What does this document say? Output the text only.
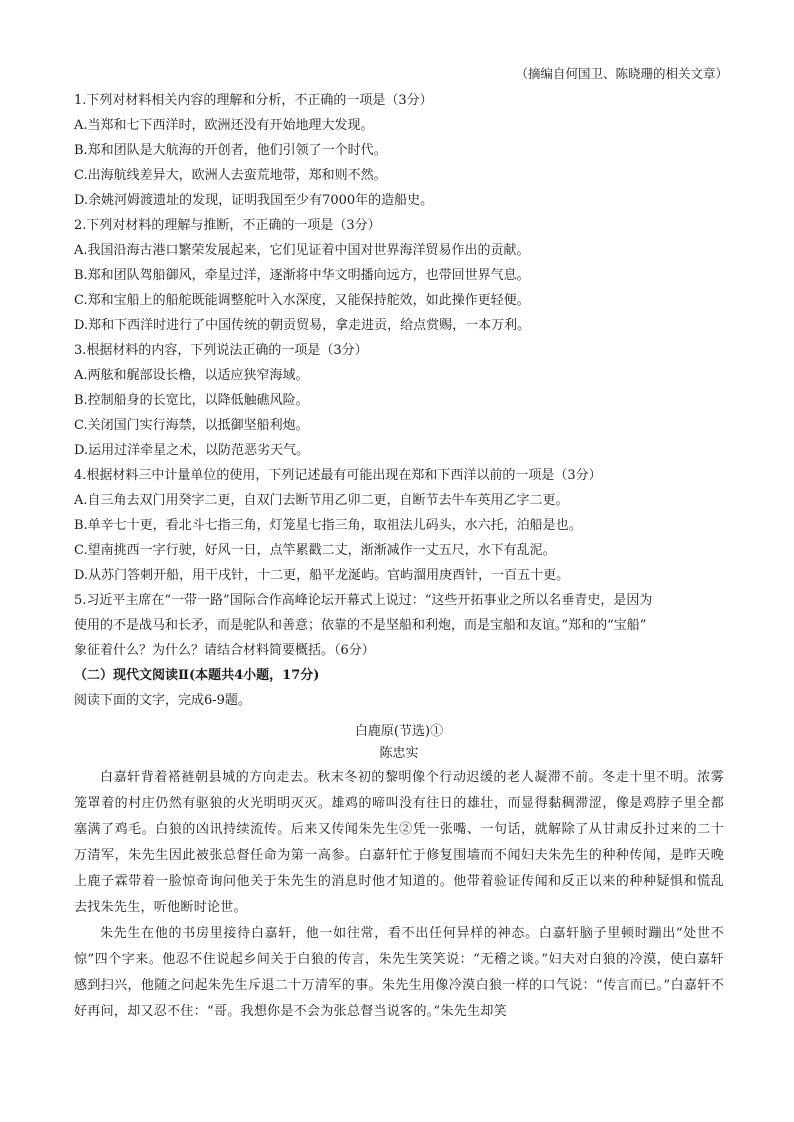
（摘编自何国卫、陈晓珊的相关文章）
1.下列对材料相关内容的理解和分析，不正确的一项是（3分）
A.当郑和七下西洋时，欧洲还没有开始地理大发现。
B.郑和团队是大航海的开创者，他们引领了一个时代。
C.出海航线差异大，欧洲人去蛮荒地带，郑和则不然。
D.余姚河姆渡遗址的发现，证明我国至少有7000年的造船史。
2.下列对材料的理解与推断，不正确的一项是（3分）
A.我国沿海古港口繁荣发展起来，它们见证着中国对世界海洋贸易作出的贡献。
B.郑和团队驾船御风，牵星过洋，逐渐将中华文明播向远方，也带回世界气息。
C.郑和宝船上的船舵既能调整舵叶入水深度，又能保持舵效，如此操作更轻便。
D.郑和下西洋时进行了中国传统的朝贡贸易，拿走进贡，给点赏赐，一本万利。
3.根据材料的内容，下列说法正确的一项是（3分）
A.两舷和艉部设长橹，以适应狭窄海域。
B.控制船身的长宽比，以降低触礁风险。
C.关闭国门实行海禁，以抵御坚船利炮。
D.运用过洋牵星之术，以防范恶劣天气。
4.根据材料三中计量单位的使用，下列记述最有可能出现在郑和下西洋以前的一项是（3分）
A.自三角去双门用癸字二更，自双门去断节用乙卯二更，自断节去牛车英用乙字二更。
B.单辛七十更，看北斗七指三角，灯笼星七指三角，取祖法儿码头，水六托，泊船是也。
C.望南挑西一字行驶，好风一日，点竿累戳二丈，渐渐减作一丈五尺，水下有乱泥。
D.从苏门答刺开船，用干戌针，十二更，船平龙涎屿。官屿溜用庚酉针，一百五十更。
5.习近平主席在“一带一路”国际合作高峰论坛开幕式上说过：“这些开拓事业之所以名垂青史，是因为
使用的不是战马和长矛，而是驼队和善意；依靠的不是坚船和利炮，而是宝船和友谊。”郑和的“宝船”
象征着什么？为什么？请结合材料简要概括。（6分）
（二）现代文阅读Ⅱ(本题共4小题，17分)
阅读下面的文字，完成6-9题。
白鹿原(节选)①
陈忠实

白嘉轩背着褡裢朝县城的方向走去。秋末冬初的黎明像个行动迟缓的老人凝滞不前。冬走十里不明。浓雾笼罩着的村庄仍然有驱狼的火光明明灭灭。雄鸡的啼叫没有往日的雄壮，而显得黏稠滞涩，像是鸡脖子里全都塞满了鸡毛。白狼的凶讯持续流传。后来又传闻朱先生②凭一张嘴、一句话，就解除了从甘肃反扑过来的二十万清军，朱先生因此被张总督任命为第一高参。白嘉轩忙于修复围墙而不闻妇夫朱先生的种种传闻，是昨天晚上鹿子霖带着一脸惊奇询问他关于朱先生的消息时他才知道的。他带着验证传闻和反正以来的种种疑惧和慌乱去找朱先生，听他断时论世。

朱先生在他的书房里接待白嘉轩，他一如往常，看不出任何异样的神态。白嘉轩脑子里顿时蹦出“处世不惊”四个字来。他忍不住说起乡间关于白狼的传言，朱先生笑笑说：“无稽之谈。”妇夫对白狼的冷漠，使白嘉轩感到扫兴，他随之问起朱先生斥退二十万清军的事。朱先生用像冷漠白狼一样的口气说：“传言而已。”白嘉轩不好再问，却又忍不住：“哥。我想你是不会为张总督当说客的。”朱先生却笑
